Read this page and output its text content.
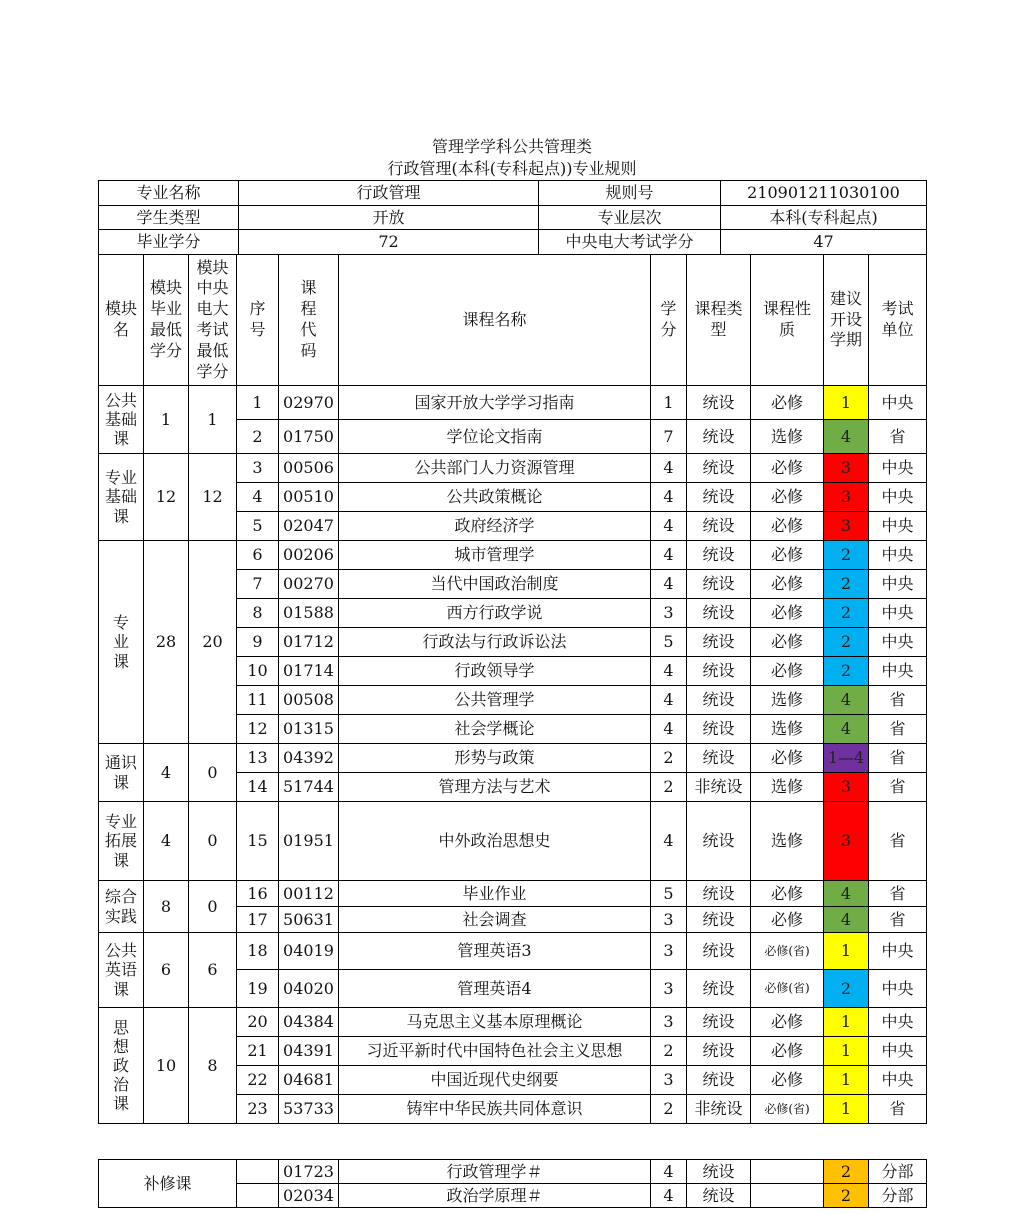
管理学学科公共管理类
行政管理(本科(专科起点))专业规则
专业名称	行政管理	规则号	210901211030100
学生类型	开放	专业层次	本科(专科起点)
毕业学分	72	中央电大考试学分	47
模块名	模块毕业最低学分	模块中央电大考试最低学分	序号	课程代码	课程名称	学分	课程类型	课程性质	建议开设学期	考试单位
公共基础课	1	1	1	02970	国家开放大学学习指南	1	统设	必修	1	中央
			2	01750	学位论文指南	7	统设	选修	4	省
专业基础课	12	12	3	00506	公共部门人力资源管理	4	统设	必修	3	中央
			4	00510	公共政策概论	4	统设	必修	3	中央
			5	02047	政府经济学	4	统设	必修	3	中央
专业课	28	20	6	00206	城市管理学	4	统设	必修	2	中央
			7	00270	当代中国政治制度	4	统设	必修	2	中央
			8	01588	西方行政学说	3	统设	必修	2	中央
			9	01712	行政法与行政诉讼法	5	统设	必修	2	中央
			10	01714	行政领导学	4	统设	必修	2	中央
			11	00508	公共管理学	4	统设	选修	4	省
			12	01315	社会学概论	4	统设	选修	4	省
通识课	4	0	13	04392	形势与政策	2	统设	必修	1—4	省
			14	51744	管理方法与艺术	2	非统设	选修	3	省
专业拓展课	4	0	15	01951	中外政治思想史	4	统设	选修	3	省
综合实践	8	0	16	00112	毕业作业	5	统设	必修	4	省
			17	50631	社会调查	3	统设	必修	4	省
公共英语课	6	6	18	04019	管理英语3	3	统设	必修(省)	1	中央
			19	04020	管理英语4	3	统设	必修(省)	2	中央
思想政治课	10	8	20	04384	马克思主义基本原理概论	3	统设	必修	1	中央
			21	04391	习近平新时代中国特色社会主义思想	2	统设	必修	1	中央
			22	04681	中国近现代史纲要	3	统设	必修	1	中央
			23	53733	铸牢中华民族共同体意识	2	非统设	必修(省)	1	省
补修课		01723	行政管理学＃	4	统设		2	分部
		02034	政治学原理＃	4	统设		2	分部
